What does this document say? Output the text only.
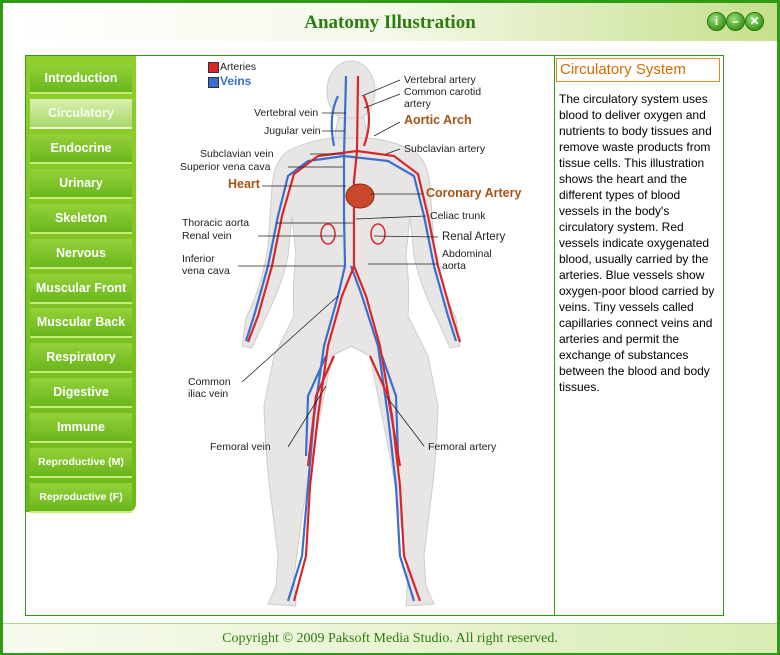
Anatomy Illustration	i	– ✕
Introduction
Circulatory
Endocrine
Urinary
Skeleton
Nervous
Muscular Front
Muscular Back
Respiratory
Digestive
Immune
Reproductive (M)
Reproductive (F)
Arteries
Veins
Vertebral vein
Jugular vein
Subclavian vein
Superior vena cava
Heart
Thoracic aorta
Renal vein
Inferior
vena cava
Common
iliac vein
Femoral vein
Vertebral artery
Common carotid
artery
Aortic Arch
Subclavian artery
Coronary Artery
Celiac trunk
Renal Artery
Abdominal
aorta
Femoral artery
Circulatory System
The circulatory system uses blood to deliver oxygen and nutrients to body tissues and remove waste products from tissue cells. This illustration shows the heart and the different types of blood vessels in the body's circulatory system. Red vessels indicate oxygenated blood, usually carried by the arteries. Blue vessels show oxygen-poor blood carried by veins. Tiny vessels called capillaries connect veins and arteries and permit the exchange of substances between the blood and body tissues.
Copyright © 2009 Paksoft Media Studio. All right reserved.
